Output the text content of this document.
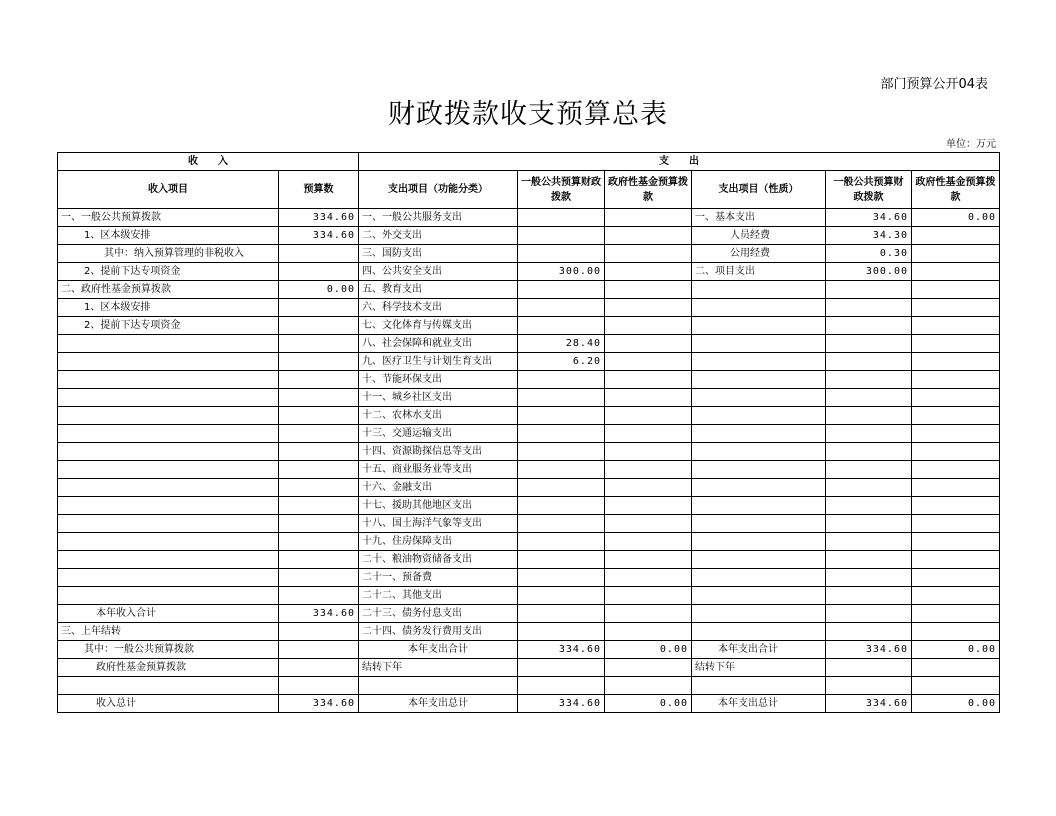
部门预算公开04表
财政拨款收支预算总表
单位：万元
收　　入		支　　出					
收入项目	预算数	支出项目（功能分类）	一般公共预算财政拨款	政府性基金预算拨款	支出项目（性质）	一般公共预算财政拨款	政府性基金预算拨款
一、一般公共预算拨款	334.60	一、一般公共服务支出			一、基本支出	34.60	0.00
1、区本级安排	334.60	二、外交支出			人员经费	34.30	
其中：纳入预算管理的非税收入		三、国防支出			公用经费	0.30	
2、提前下达专项资金		四、公共安全支出	300.00		二、项目支出	300.00	
二、政府性基金预算拨款	0.00	五、教育支出					
1、区本级安排		六、科学技术支出					
2、提前下达专项资金		七、文化体育与传媒支出					
		八、社会保障和就业支出	28.40				
		九、医疗卫生与计划生育支出	6.20				
		十、节能环保支出					
		十一、城乡社区支出					
		十二、农林水支出					
		十三、交通运输支出					
		十四、资源勘探信息等支出					
		十五、商业服务业等支出					
		十六、金融支出					
		十七、援助其他地区支出					
		十八、国土海洋气象等支出					
		十九、住房保障支出					
		二十、粮油物资储备支出					
		二十一、预备费					
		二十二、其他支出					
本年收入合计	334.60	二十三、债务付息支出					
三、上年结转		二十四、债务发行费用支出					
其中：一般公共预算拨款		本年支出合计	334.60	0.00	本年支出合计	334.60	0.00
政府性基金预算拨款		结转下年			结转下年		

收入总计	334.60	本年支出总计	334.60	0.00	本年支出总计	334.60	0.00
